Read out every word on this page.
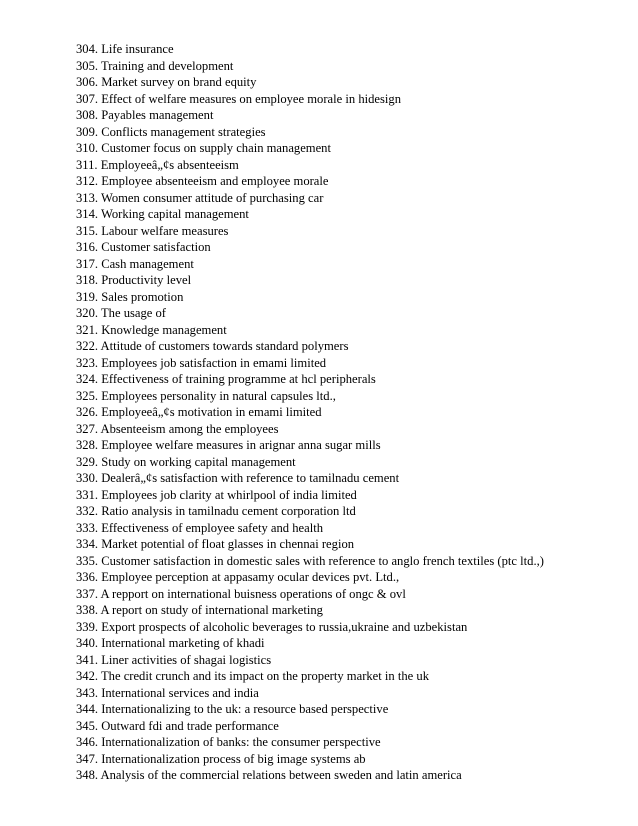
304. Life insurance
305. Training and development
306. Market survey on brand equity
307. Effect of welfare measures on employee morale in hidesign
308. Payables management
309. Conflicts management strategies
310. Customer focus on supply chain management
311. Employeeâ„¢s absenteeism
312. Employee absenteeism and employee morale
313. Women consumer attitude of purchasing car
314. Working capital management
315. Labour welfare measures
316. Customer satisfaction
317. Cash management
318. Productivity level
319. Sales promotion
320. The usage of
321. Knowledge management
322. Attitude of customers towards standard polymers
323. Employees job satisfaction in emami limited
324. Effectiveness of training programme at hcl peripherals
325. Employees personality in natural capsules ltd.,
326. Employeeâ„¢s motivation in emami limited
327. Absenteeism among the employees
328. Employee welfare measures in arignar anna sugar mills
329. Study on working capital management
330. Dealerâ„¢s satisfaction with reference to tamilnadu cement
331. Employees job clarity at whirlpool of india limited
332. Ratio analysis in tamilnadu cement corporation ltd
333. Effectiveness of employee safety and health
334. Market potential of float glasses in chennai region
335. Customer satisfaction in domestic sales with reference to anglo french textiles (ptc ltd.,)
336. Employee perception at appasamy ocular devices pvt. Ltd.,
337. A repport on international buisness operations of ongc & ovl
338. A report on study of international marketing
339. Export prospects of alcoholic beverages to russia,ukraine and uzbekistan
340. International marketing of khadi
341. Liner activities of shagai logistics
342. The credit crunch and its impact on the property market in the uk
343. International services and india
344. Internationalizing to the uk: a resource based perspective
345. Outward fdi and trade performance
346. Internationalization of banks: the consumer perspective
347. Internationalization process of big image systems ab
348. Analysis of the commercial relations between sweden and latin america
